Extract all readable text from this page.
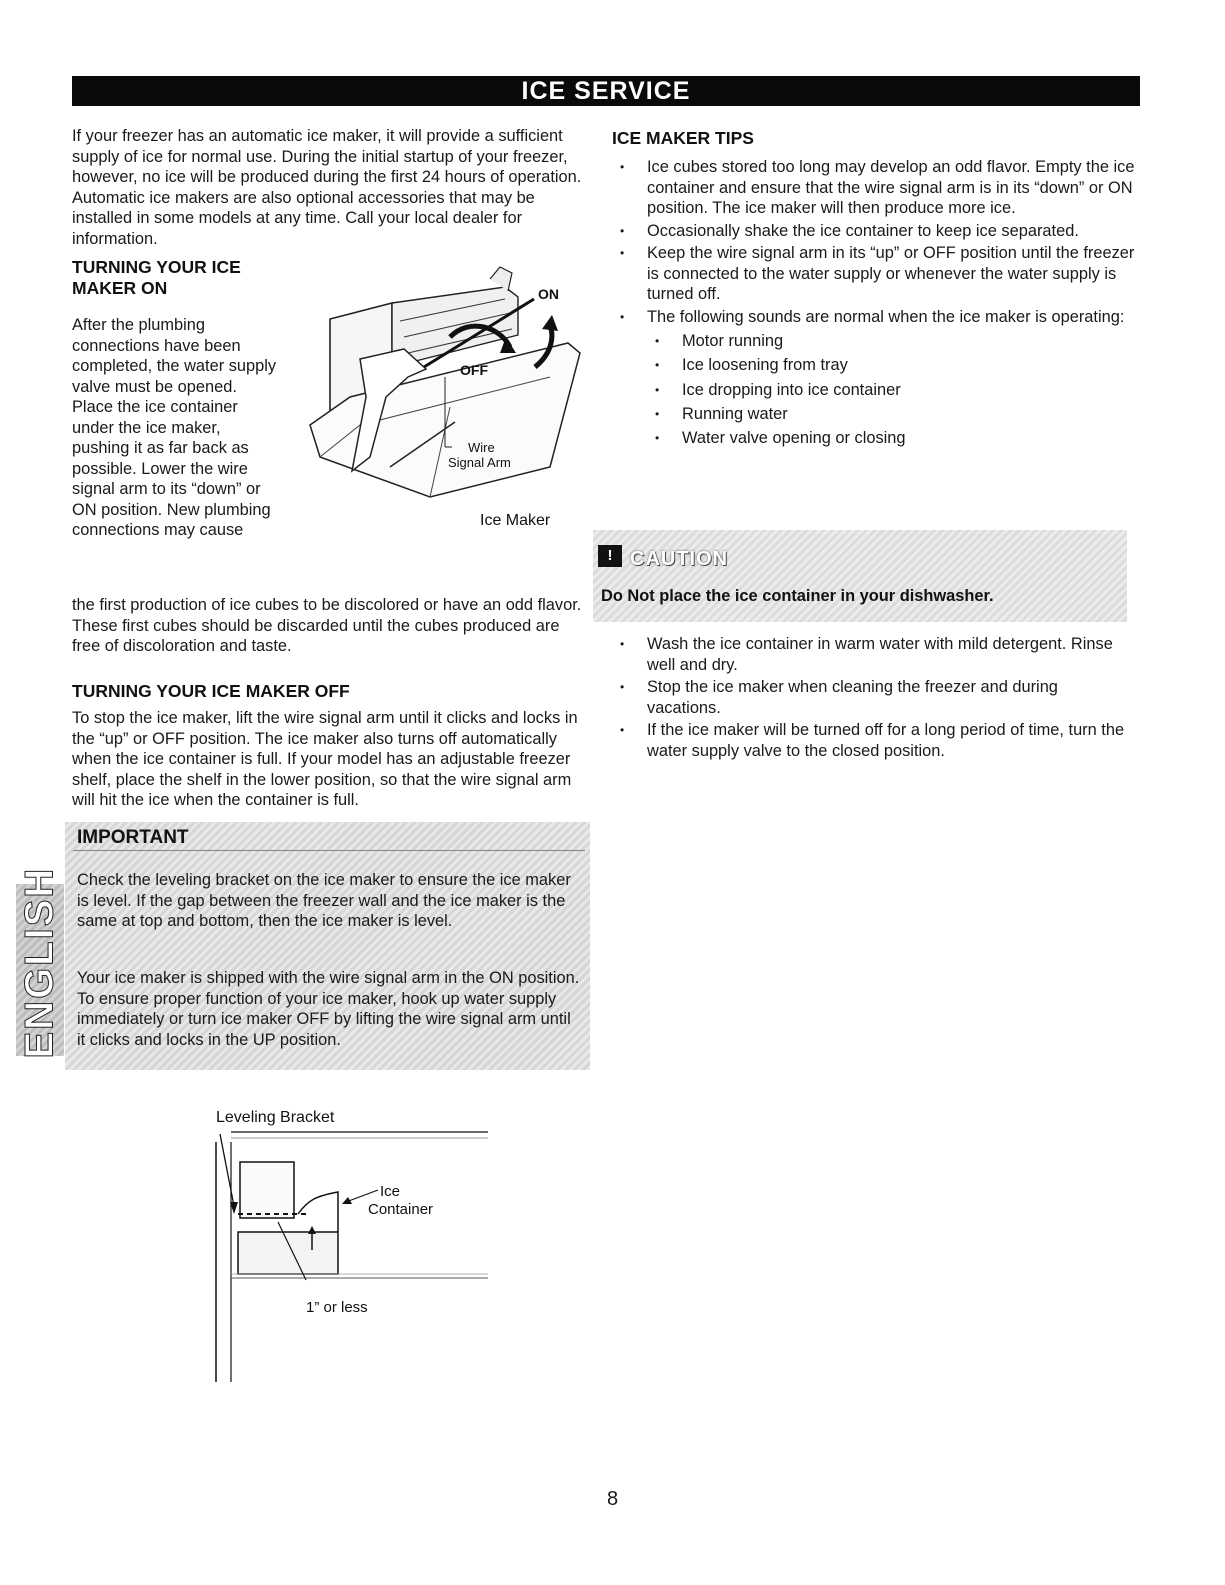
ICE SERVICE

If your freezer has an automatic ice maker, it will provide a sufficient supply of ice for normal use. During the initial startup of your freezer, however, no ice will be produced during the first 24 hours of operation. Automatic ice makers are also optional accessories that may be installed in some models at any time. Call your local dealer for information.

TURNING YOUR ICE MAKER ON

After the plumbing connections have been completed, the water supply valve must be opened. Place the ice container under the ice maker, pushing it as far back as possible. Lower the wire signal arm to its “down” or ON position. New plumbing connections may cause

ON
OFF
Wire
Signal Arm
Ice Maker

the first production of ice cubes to be discolored or have an odd flavor. These first cubes should be discarded until the cubes produced are free of discoloration and taste.

TURNING YOUR ICE MAKER OFF

To stop the ice maker, lift the wire signal arm until it clicks and locks in the “up” or OFF position. The ice maker also turns off automatically when the ice container is full. If your model has an adjustable freezer shelf, place the shelf in the lower position, so that the wire signal arm will hit the ice when the container is full.

ICE MAKER TIPS
• Ice cubes stored too long may develop an odd flavor. Empty the ice container and ensure that the wire signal arm is in its “down” or ON position. The ice maker will then produce more ice.
• Occasionally shake the ice container to keep ice separated.
• Keep the wire signal arm in its “up” or OFF position until the freezer is connected to the water supply or whenever the water supply is turned off.
• The following sounds are normal when the ice maker is operating:
• Motor running
• Ice loosening from tray
• Ice dropping into ice container
• Running water
• Water valve opening or closing
! CAUTION
Do Not place the ice container in your dishwasher.
• Wash the ice container in warm water with mild detergent. Rinse well and dry.
• Stop the ice maker when cleaning the freezer and during vacations.
• If the ice maker will be turned off for a long period of time, turn the water supply valve to the closed position.
IMPORTANT
Check the leveling bracket on the ice maker to ensure the ice maker is level. If the gap between the freezer wall and the ice maker is the same at top and bottom, then the ice maker is level.
Your ice maker is shipped with the wire signal arm in the ON position. To ensure proper function of your ice maker, hook up water supply immediately or turn ice maker OFF by lifting the wire signal arm until it clicks and locks in the UP position.
ENGLISH
Leveling Bracket
Ice
Container
1” or less
8
